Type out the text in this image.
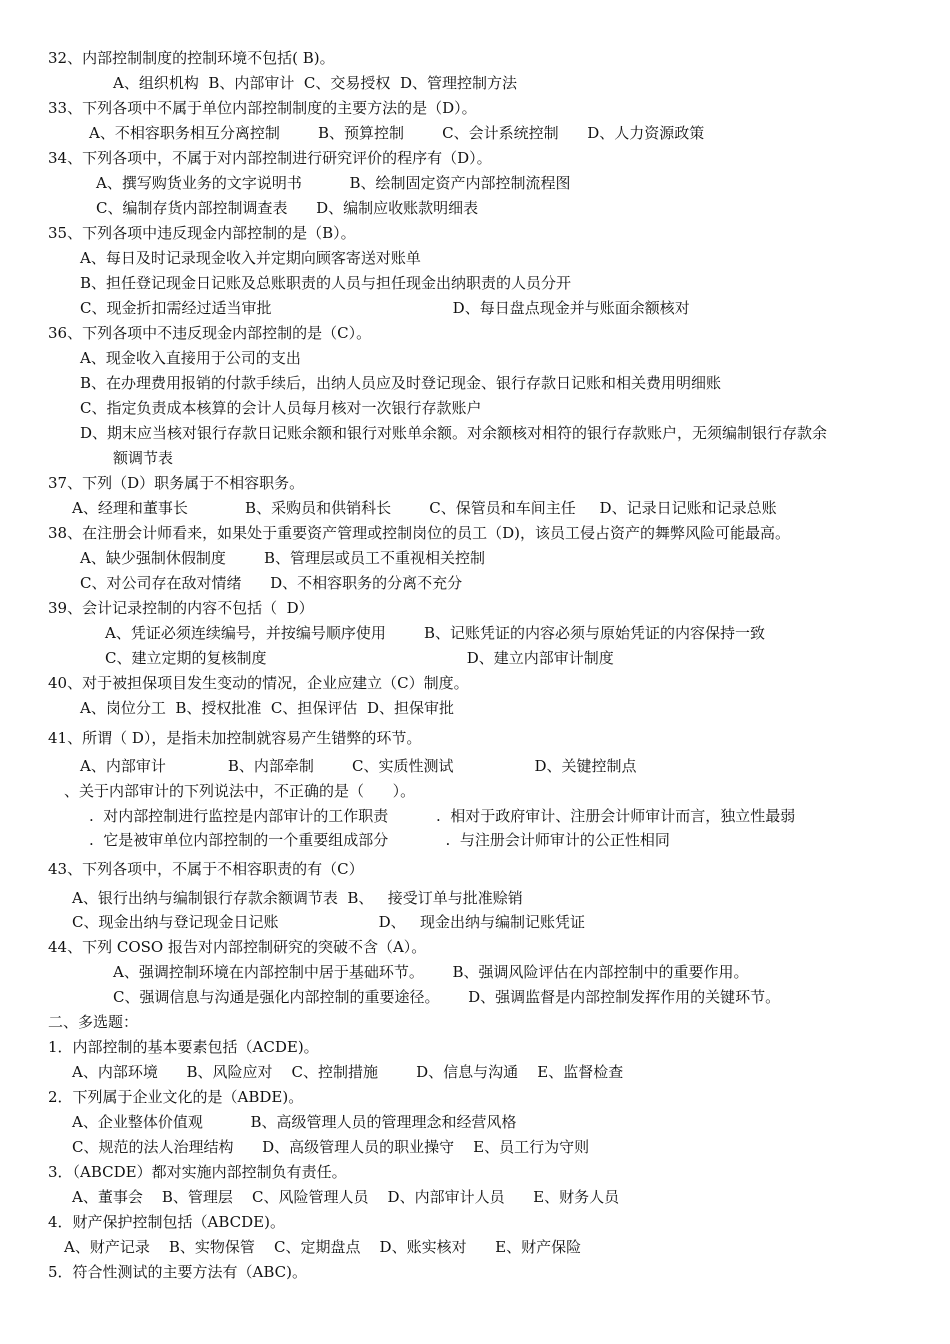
32、内部控制制度的控制环境不包括( B)。
A、组织机构  B、内部审计  C、交易授权  D、管理控制方法
33、下列各项中不属于单位内部控制制度的主要方法的是（D）。
A、不相容职务相互分离控制        B、预算控制        C、会计系统控制      D、人力资源政策
34、下列各项中，不属于对内部控制进行研究评价的程序有（D）。
A、撰写购货业务的文字说明书          B、绘制固定资产内部控制流程图
C、编制存货内部控制调查表      D、编制应收账款明细表
35、下列各项中违反现金内部控制的是（B）。
A、每日及时记录现金收入并定期向顾客寄送对账单
B、担任登记现金日记账及总账职责的人员与担任现金出纳职责的人员分开
C、现金折扣需经过适当审批                                      D、每日盘点现金并与账面余额核对
36、下列各项中不违反现金内部控制的是（C）。
A、现金收入直接用于公司的支出
B、在办理费用报销的付款手续后，出纳人员应及时登记现金、银行存款日记账和相关费用明细账
C、指定负责成本核算的会计人员每月核对一次银行存款账户
D、期末应当核对银行存款日记账余额和银行对账单余额。对余额核对相符的银行存款账户，无须编制银行存款余
额调节表
37、下列（D）职务属于不相容职务。
A、经理和董事长            B、采购员和供销科长        C、保管员和车间主任     D、记录日记账和记录总账
38、在注册会计师看来，如果处于重要资产管理或控制岗位的员工（D)，该员工侵占资产的舞弊风险可能最高。
A、缺少强制休假制度        B、管理层或员工不重视相关控制
C、对公司存在敌对情绪      D、不相容职务的分离不充分
39、会计记录控制的内容不包括（  D）
A、凭证必须连续编号，并按编号顺序使用        B、记账凭证的内容必须与原始凭证的内容保持一致
C、建立定期的复核制度                                          D、建立内部审计制度
40、对于被担保项目发生变动的情况，企业应建立（C）制度。
A、岗位分工  B、授权批准  C、担保评估  D、担保审批
41、所谓（ D），是指未加控制就容易产生错弊的环节。
A、内部审计             B、内部牵制        C、实质性测试                 D、关键控制点
、关于内部审计的下列说法中，不正确的是（      ）。
.  对内部控制进行监控是内部审计的工作职责          .  相对于政府审计、注册会计师审计而言，独立性最弱
.  它是被审单位内部控制的一个重要组成部分            .  与注册会计师审计的公正性相同
43、下列各项中，不属于不相容职责的有（C）
A、银行出纳与编制银行存款余额调节表  B、   接受订单与批准赊销
C、现金出纳与登记现金日记账                     D、   现金出纳与编制记账凭证
44、下列 COSO 报告对内部控制研究的突破不含（A）。
A、强调控制环境在内部控制中居于基础环节。      B、强调风险评估在内部控制中的重要作用。
C、强调信息与沟通是强化内部控制的重要途径。      D、强调监督是内部控制发挥作用的关键环节。
二、多选题：
1．内部控制的基本要素包括（ACDE)。
A、内部环境      B、风险应对    C、控制措施        D、信息与沟通    E、监督检查
2．下列属于企业文化的是（ABDE)。
A、企业整体价值观          B、高级管理人员的管理理念和经营风格
C、规范的法人治理结构      D、高级管理人员的职业操守    E、员工行为守则
3．（ABCDE）都对实施内部控制负有责任。
A、董事会    B、管理层    C、风险管理人员    D、内部审计人员      E、财务人员
4．财产保护控制包括（ABCDE)。
A、财产记录    B、实物保管    C、定期盘点    D、账实核对      E、财产保险
5．符合性测试的主要方法有（ABC)。
